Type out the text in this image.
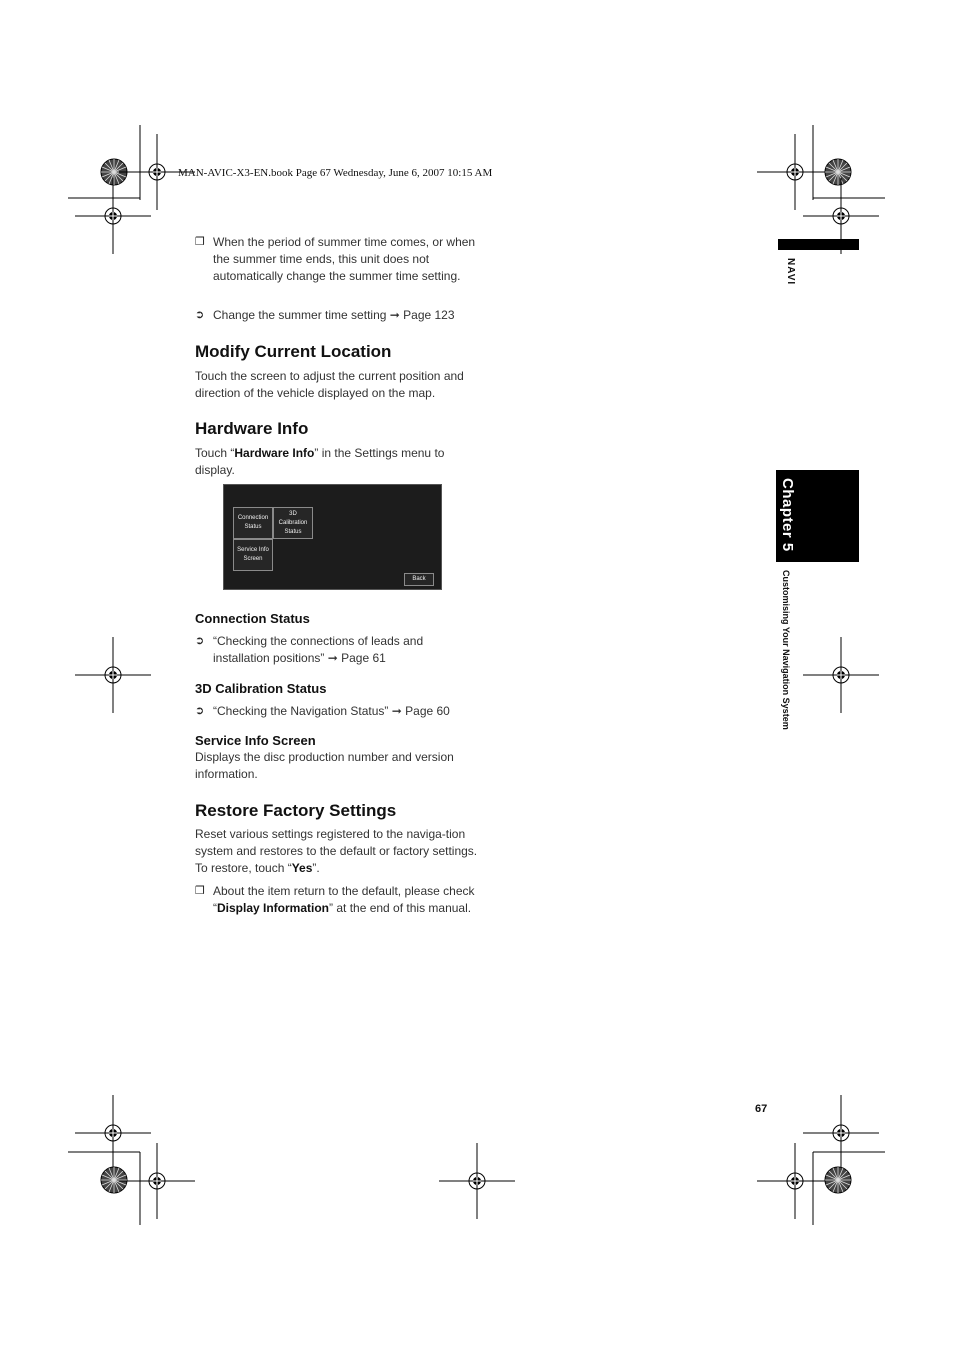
MAN-AVIC-X3-EN.book Page 67 Wednesday, June 6, 2007 10:15 AM
NAVI
Chapter 5
Customising Your Navigation System
❒ When the period of summer time comes, or when the summer time ends, this unit does not automatically change the summer time setting.
➲ Change the summer time setting ➞ Page 123
Modify Current Location
Touch the screen to adjust the current position and direction of the vehicle displayed on the map.
Hardware Info
Touch “Hardware Info” in the Settings menu to display.
Connection
Status
3D
Calibration
Status
Service Info
Screen
Back
Connection Status
➲ “Checking the connections of leads and installation positions” ➞ Page 61
3D Calibration Status
➲ “Checking the Navigation Status” ➞ Page 60
Service Info Screen
Displays the disc production number and version information.
Restore Factory Settings
Reset various settings registered to the naviga-tion system and restores to the default or factory settings. To restore, touch “Yes”.
❒ About the item return to the default, please check “Display Information” at the end of this manual.
67
